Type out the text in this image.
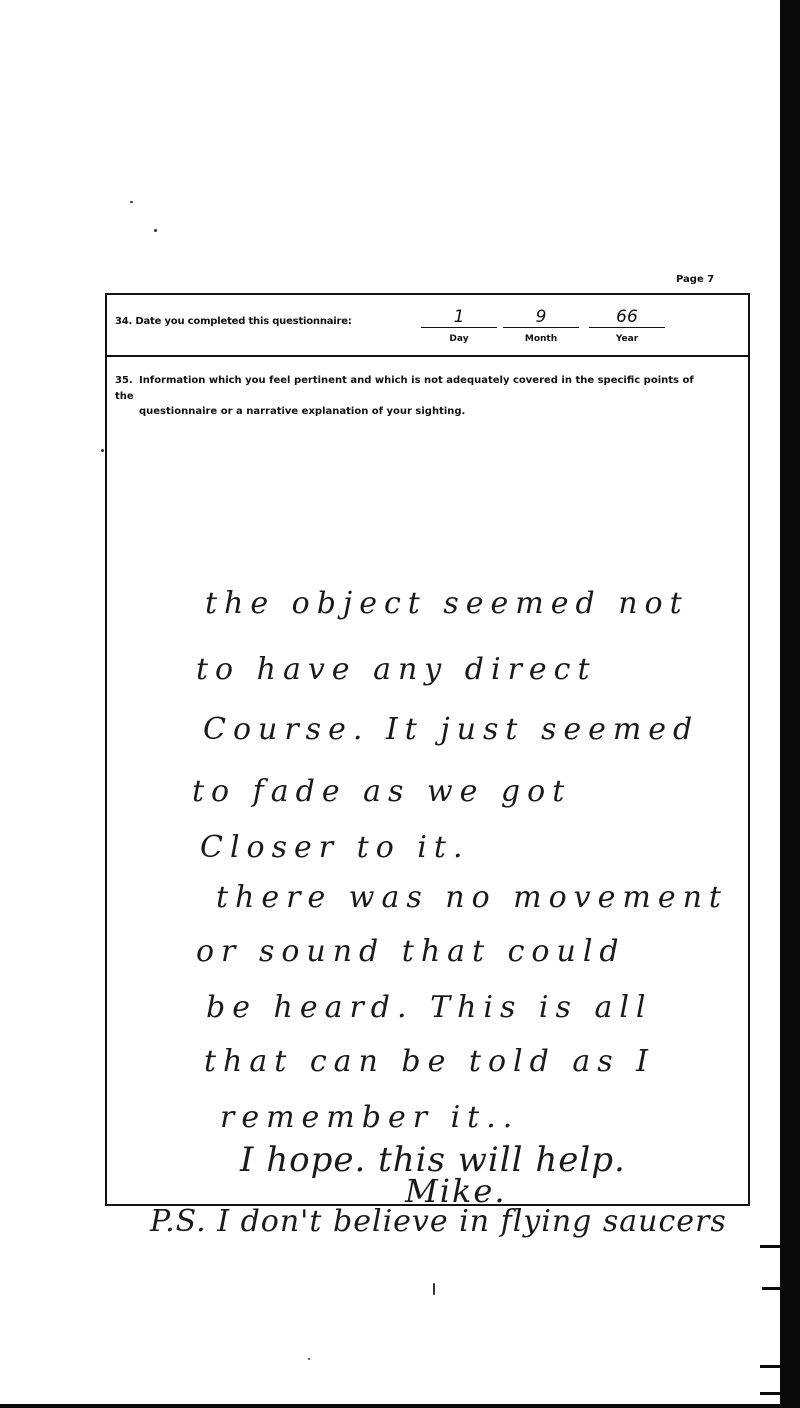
Page 7
34. Date you completed this questionnaire:	1
Day
9
Month
66
Year
35. Information which you feel pertinent and which is not adequately covered in the specific points of the
questionnaire or a narrative explanation of your sighting.
the object seemed not
to have any direct
Course. It just seemed
to fade as we got
Closer to it.
there was no movement
or sound that could
be heard. This is all
that can be told as I
remember it..
I hope. this will help.
Mike.
P.S. I don't believe in flying saucers
